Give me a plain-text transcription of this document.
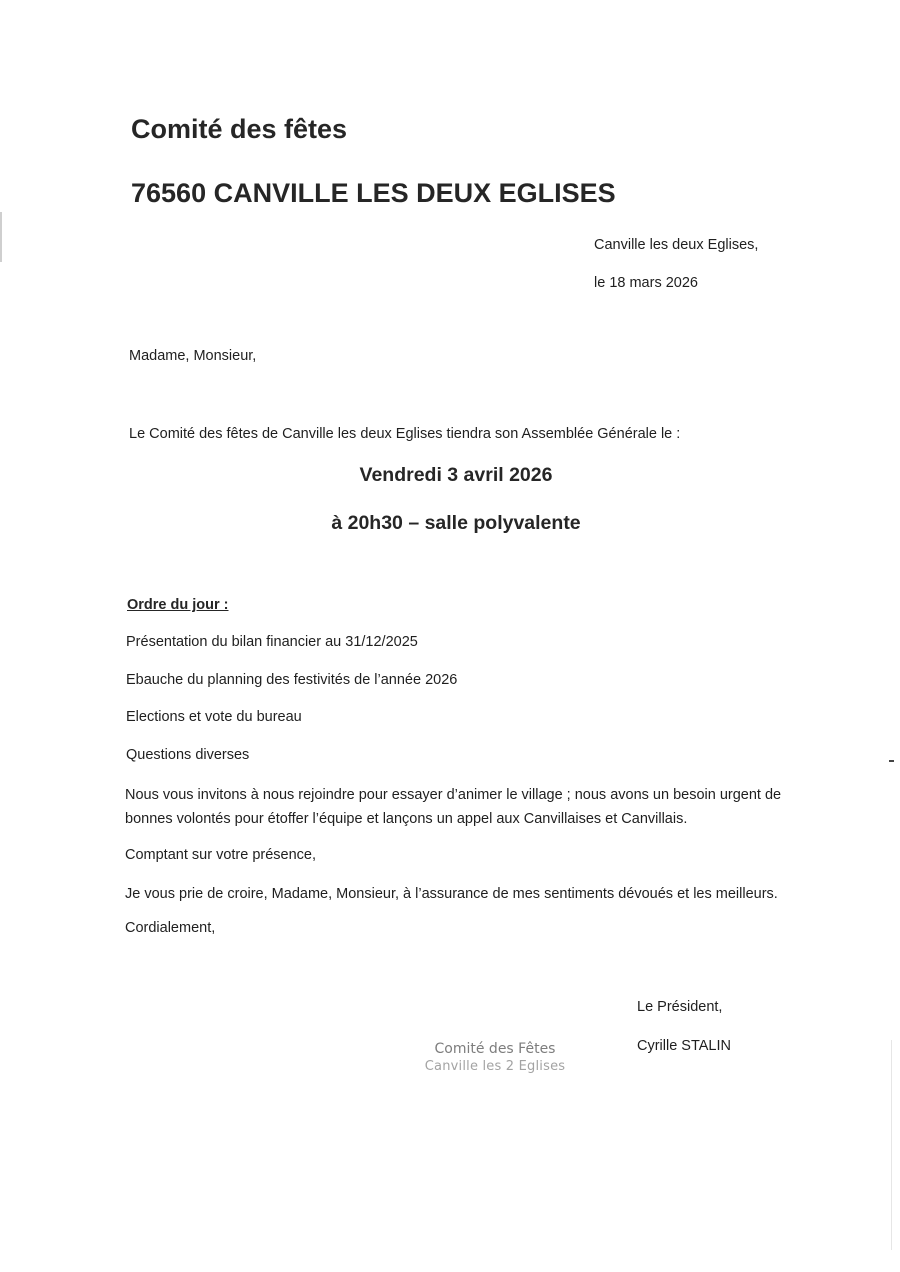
Comité des fêtes
76560 CANVILLE LES DEUX EGLISES
Canville les deux Eglises,
le 18 mars 2026
Madame, Monsieur,
Le Comité des fêtes de Canville les deux Eglises tiendra son Assemblée Générale le :
Vendredi 3 avril 2026
à 20h30 – salle polyvalente
Ordre du jour :
Présentation du bilan financier au 31/12/2025
Ebauche du planning des festivités de l’année 2026
Elections et vote du bureau
Questions diverses
Nous vous invitons à nous rejoindre pour essayer d’animer le village ; nous avons un besoin urgent de
bonnes volontés pour étoffer l’équipe et lançons un appel aux Canvillaises et Canvillais.
Comptant sur votre présence,
Je vous prie de croire, Madame, Monsieur, à l’assurance de mes sentiments dévoués et les meilleurs.
Cordialement,
Le Président,
Cyrille STALIN
Comité des Fêtes
Canville les 2 Eglises
